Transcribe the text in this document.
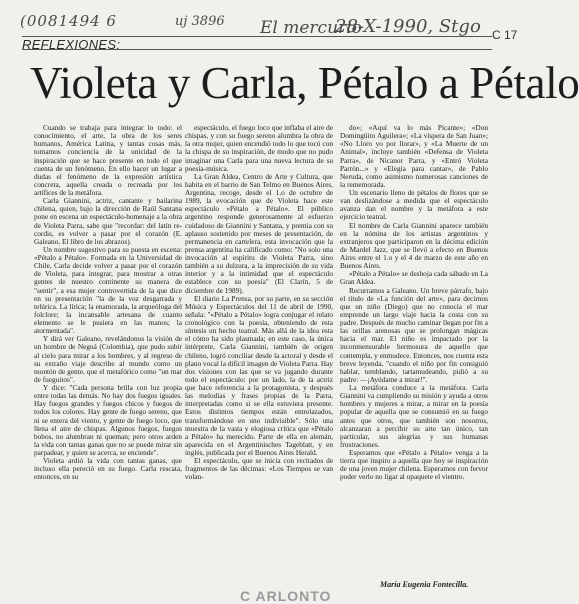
(0081494 6	uj 3896 El mercurio
28-X-1990, Stgo C 17
REFLEXIONES:
Violeta y Carla, Pétalo a Pétalo

Cuando se trabaja para integrar lo todo: el conocimiento, el arte, la obra de los seres humanos, América Latina, y tantas cosas más, tomamos conciencia de la unicidad de la inspiración que se hace presente en todo el que cuenta de un fenómeno. En ello hacer un lugar a dudas el fenómeno de la expresión artística concreta, aquella creada o recreada por los artífices de la metáfora.

Carla Giannini, actriz, cantante y bailarina chilena, quien, bajo la dirección de Raúl Santana pone en escena un espectáculo-homenaje a la obra de Violeta Parra, sabe que "recordar: del latín re-cordis, es volver a pasar por el corazón (E. Galeano, El libro de los abrazos).

Un nombre sugestivo para su puesta en escena: «Pétalo a Pétalo». Formada en la Universidad de Chile, Carla decide volver a pasar por el corazón de Violeta, para integrar, para mostrar a otras gentes de nuestro continente su manera de "sentir", a esa mujer controvertida de la que dice en su presentación "la de la voz desgarrada y telúrica. La lírica; la enamorada, la arqueóloga del folclore; la incansable artesana de cuanto elemento se le pusiera en las manos; la atormentada".

Y dirá ver Galeano, revelándonos la visión de un hombre de Neguá (Colombia), que pudo subir al cielo para mirar a los hombres, y al regreso de su extraño viaje describe al mundo como un montón de gente, que el metafórico como "un mar de fueguitos".

Y dice: "Cada persona brilla con luz propia entre todas las demás. No hay dos fuegos iguales. Hay fuegos grandes y fuegos chicos y fuegos de todos los colores. Hay gente de fuego sereno, que ni se entera del viento, y gente de fuego loco, que llena el aire de chispas. Algunos fuegos, fuegos bobos, no alumbran ni queman; pero otros arden la vida con tantas ganas que no se puede mirar sin parpadear, y quien se acerca, se enciende".

Violeta ardió la vida con tantas ganas, que incluso ella pereció en su fuego. Carla rescata, entonces, en su

espectáculo, el fuego loco que inflaba el aire de chispas, y con su fuego sereno alumbra la obra de la otra mujer, quien encendió todo lo que tocó con la chispa de su inspiración, de modo que no pudo imaginar una Carla para una nueva lectura de su poesía-música.

La Gran Aldea, Centro de Arte y Cultura, que habita en el barrio de San Telmo en Buenos Aires, Argentina, recoge, desde el 1.o de octubre de 1989, la evocación que de Violeta hace este espectáculo «Pétalo a Pétalo». El público argentino responde generosamente al esfuerzo cuidadoso de Giannini y Santana, y premia con su aplauso sostenido por meses de presentación, de permanencia en cartelera, esta invocación que la prensa argentina ha calificado como: "No solo una invocación al espíritu de Violeta Parra, sino también a su dulzura, a la imprecisión de su vida interior y a la intimidad que el espectáculo establece con su poesía" (El Clarín, 5 de diciembre de 1989).

El diario La Prensa, por su parte, en su sección Música y Espectáculos del 11 de abril de 1990, señala: "«Pétalo a Pétalo» logra conjugar el relato cronológico con la poesía, obteniendo de esta síntesis un hecho teatral. Más allá de la idea esta el cómo ha sido plasmada; en este caso, la única intérprete, Carla Giannini, también de origen chileno, logró conciliar desde la actoral y desde el plano vocal la difícil imagen de Violeta Parra. Hay dos visiones con las que se va jugando durante todo el espectáculo: por un lado, la de la actriz que hace referencia a la protagonista, y después las melodías y frases propias de la Parra, interpretadas como si se ella estuviera presente. Estos distintos tiempos están entrelazados, transformándose en uno indivisible". Sólo una muestra de la vasta y elogiosa crítica que «Pétalo a Pétalo» ha merecido. Parte de ella en alemán, aparecida en el Argentinisches Tageblatt, y en inglés, publicada por el Buenos Aires Herald.

El espectáculo, que se inicia con recitados de fragmentos de las décimas: «Los Tiempos se van volan-

do»; «Aquí va lo más Picante»; «Don Domingüito Aguilera»; «La víspera de San Juan»; «No Lloro yo por llorar», y «La Muerte de un Animal», incluye también «Defensa de Violeta Parra», de Nicanor Parra, y «Entró Violeta Parrón...» y «Elegía para cantar», de Pablo Neruda, como asimismo numerosas canciones de la rememorada.

Un escenario lleno de pétalos de flores que se van deslizándose a medida que el espectáculo avanza dan el nombre y la metáfora a este ejercicio teatral.

El nombre de Carla Giannini aparece también en la nómina de los artistas argentinos y extranjeros que participaron en la décima edición de Mardel Jazz, que se llevó a efecto en Buenos Aires entre el 1.o y el 4 de marzo de este año en Buenos Aires.

«Pétalo a Pétalo» se deshoja cada sábado en La Gran Aldea.

Recurramos a Galeano. Un breve párrafo, bajo el título de «La función del arte», para decirnos que un niño (Diego) que no conocía el mar emprende un largo viaje hacia la costa con su padre. Después de mucho caminar llegan por fin a las orillas arenosas que se prolongan mágicas hacia el mar. El niño es impactado por la inconmensurable hermosura de aquello que contempla, y enmudece. Entonces, nos cuenta esta breve leyenda, "cuando el niño por fin consiguió hablar, temblando, tartamudeando, pidió a su padre: —¡Ayúdame a mirar!".

La metáfora conduce a la metáfora. Carla Giannini va cumpliendo su misión y ayuda a otros hombres y mujeres a mirar, a mirar en la poesía popular de aquella que se consumió en su fuego antes que otros, que también son nosotros, alcanzaran a percibir su arte tan único, tan particular, sus alegrías y sus humanas frustraciones.

Esperamos que «Pétalo a Pétalo» venga a la tierra que inspiro a aquella que hoy se inspiración de una joven mujer chilena. Esperamos con fervor poder verlo no ligar al opaquete el vientro.

María Eugenia Fontecilla.
C ARLONTO
